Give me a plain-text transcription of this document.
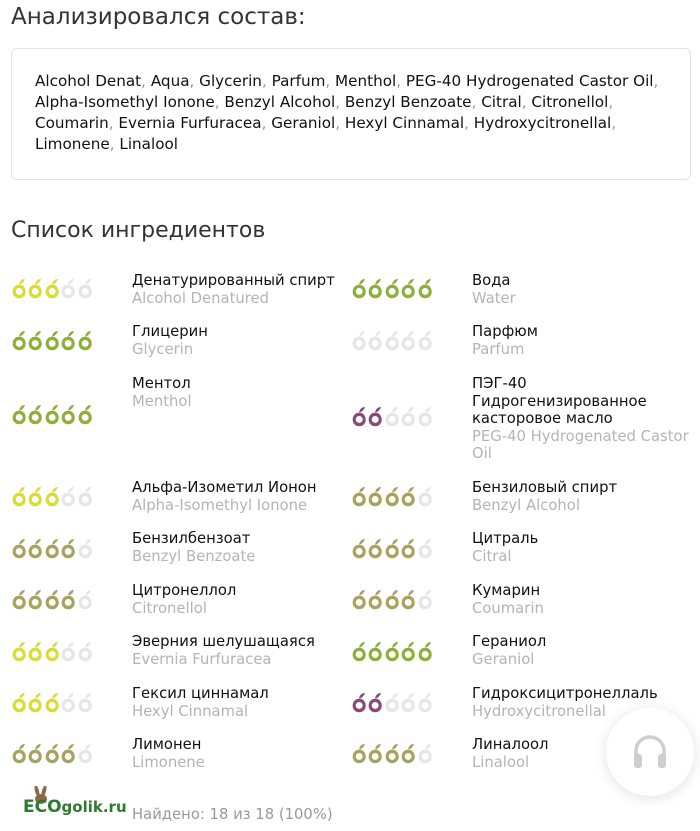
Анализировался состав:
Alcohol Denat, Aqua, Glycerin, Parfum, Menthol, PEG-40 Hydrogenated Castor Oil, Alpha-Isomethyl Ionone, Benzyl Alcohol, Benzyl Benzoate, Citral, Citronellol, Coumarin, Evernia Furfuracea, Geraniol, Hexyl Cinnamal, Hydroxycitronellal, Limonene, Linalool
Список ингредиентов
Денатурированный спирт
Alcohol Denatured
Вода
Water
Глицерин
Glycerin
Парфюм
Parfum
Ментол
Menthol
ПЭГ-40 Гидрогенизированное касторовое масло
PEG-40 Hydrogenated Castor Oil
Альфа-Изометил Ионон
Alpha-Isomethyl Ionone
Бензиловый спирт
Benzyl Alcohol
Бензилбензоат
Benzyl Benzoate
Цитраль
Citral
Цитронеллол
Citronellol
Кумарин
Coumarin
Эверния шелушащаяся
Evernia Furfuracea
Гераниол
Geraniol
Гексил циннамал
Hexyl Cinnamal
Гидроксицитронеллаль
Hydroxycitronellal
Лимонен
Limonene
Линалоол
Linalool
ECOgolik.ru Найдено: 18 из 18 (100%)
